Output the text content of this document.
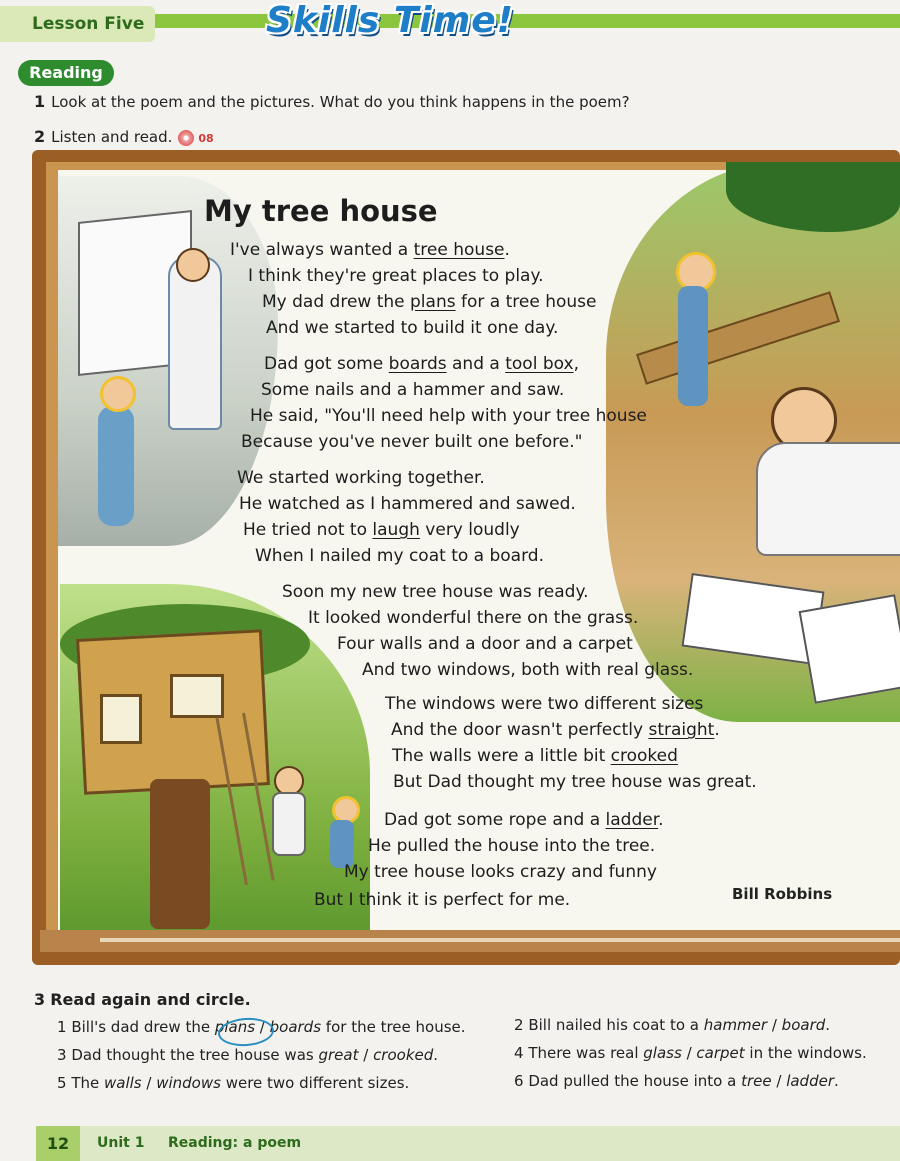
Lesson Five	Skills Time!
Reading
1 Look at the poem and the pictures. What do you think happens in the poem?
2 Listen and read. 08
My tree house
I've always wanted a tree house.
I think they're great places to play.
My dad drew the plans for a tree house
And we started to build it one day.
Dad got some boards and a tool box,
Some nails and a hammer and saw.
He said, "You'll need help with your tree house
Because you've never built one before."
We started working together.
He watched as I hammered and sawed.
He tried not to laugh very loudly
When I nailed my coat to a board.
Soon my new tree house was ready.
It looked wonderful there on the grass.
Four walls and a door and a carpet
And two windows, both with real glass.
The windows were two different sizes
And the door wasn't perfectly straight.
The walls were a little bit crooked
But Dad thought my tree house was great.
Dad got some rope and a ladder.
He pulled the house into the tree.
My tree house looks crazy and funny
But I think it is perfect for me.	Bill Robbins
3 Read again and circle.
1 Bill's dad drew the plans / boards for the tree house.	2 Bill nailed his coat to a hammer / board.
3 Dad thought the tree house was great / crooked.	4 There was real glass / carpet in the windows.
5 The walls / windows were two different sizes.	6 Dad pulled the house into a tree / ladder.
12	Unit 1 Reading: a poem
